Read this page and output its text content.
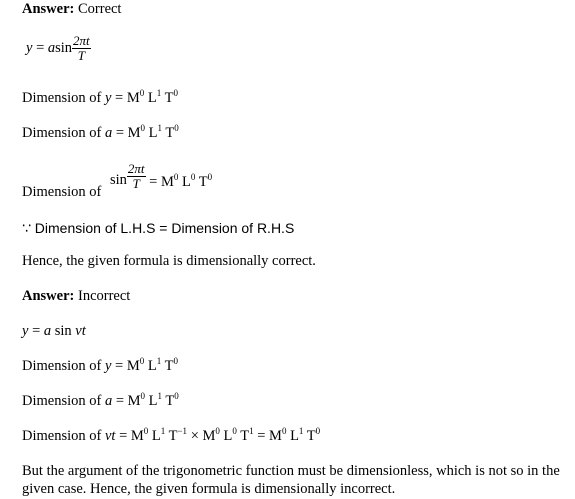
Answer: Correct
y = asin $\frac{2\pi t}{T}$
Dimension of $y = M^0$ $L^1$ $T^0$
Dimension of $a = M^0$ $L^1$ $T^0$
Dimension of
$\sin \frac{2\pi t}{T} = M^0$ $L^0$ $T^0$
∵ Dimension of L.H.S = Dimension of R.H.S
Hence, the given formula is dimensionally correct.
Answer: Incorrect
y = a sin vt
Dimension of $y = M^0$ $L^1$ $T^0$
Dimension of $a = M^0$ $L^1$ $T^0$
Dimension of vt = $M^0$ $L^1$ $T^{-1} \times M^0$ $L^0$ $T^1 = M^0$ $L^1$ $T^0$
But the argument of the trigonometric function must be dimensionless, which is not so in the given case. Hence, the given formula is dimensionally incorrect.
